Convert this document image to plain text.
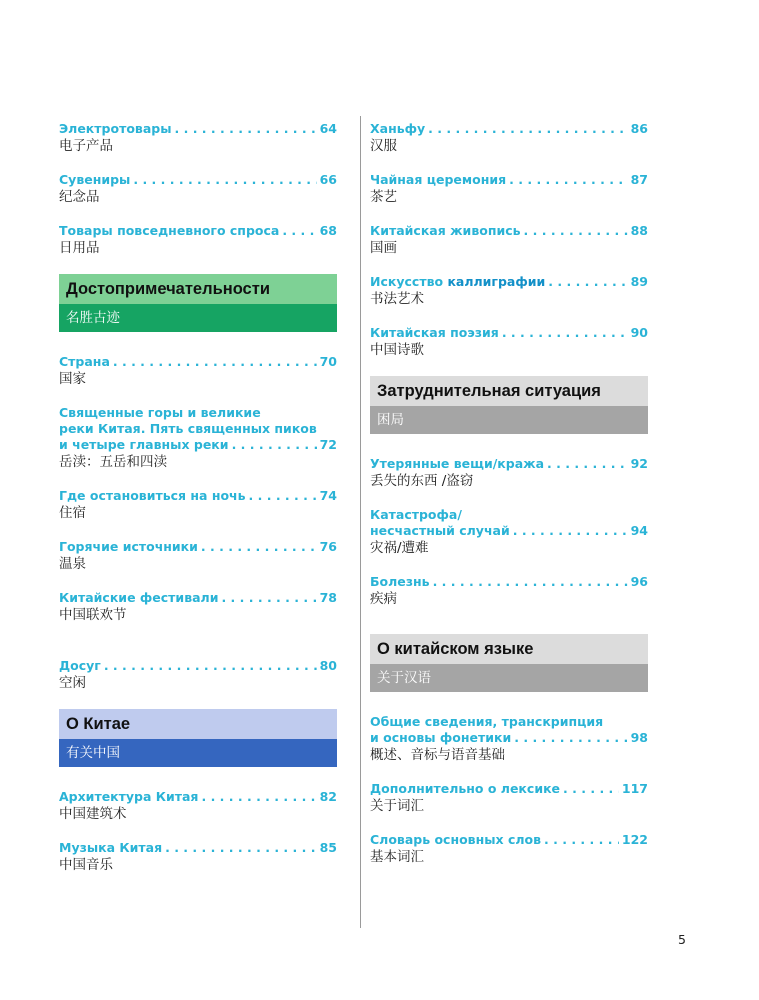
Электротовары . . .	64
电子产品
Сувениры . . .	66
纪念品
Товары повседневного спроса . . .	68
日用品
Достопримечательности
名胜古迹
Страна . . .	70
国家
Священные горы и великие
реки Китая. Пять священных пиков
и четыре главных реки . . .	72
岳渎：五岳和四渎
Где остановиться на ночь . . .	74
住宿
Горячие источники . . .	76
温泉
Китайские фестивали . . .	78
中国联欢节
Досуг . . .	80
空闲
О Китае
有关中国
Архитектура Китая . . .	82
中国建筑术
Музыка Китая . . .	85
中国音乐
Ханьфу . . .	86
汉服
Чайная церемония . . .	87
茶艺
Китайская живопись . . .	88
国画
Искусство каллиграфии . . .	89
书法艺术
Китайская поэзия . . .	90
中国诗歌
Затруднительная ситуация
困局
Утерянные вещи/кража . . .	92
丢失的东西 /盗窃
Катастрофа/
несчастный случай . . .	94
灾祸/遭难
Болезнь . . .	96
疾病
О китайском языке
关于汉语
Общие сведения, транскрипция
и основы фонетики . . .	98
概述、音标与语音基础
Дополнительно о лексике . . .	117
关于词汇
Словарь основных слов . . .	122
基本词汇
5
